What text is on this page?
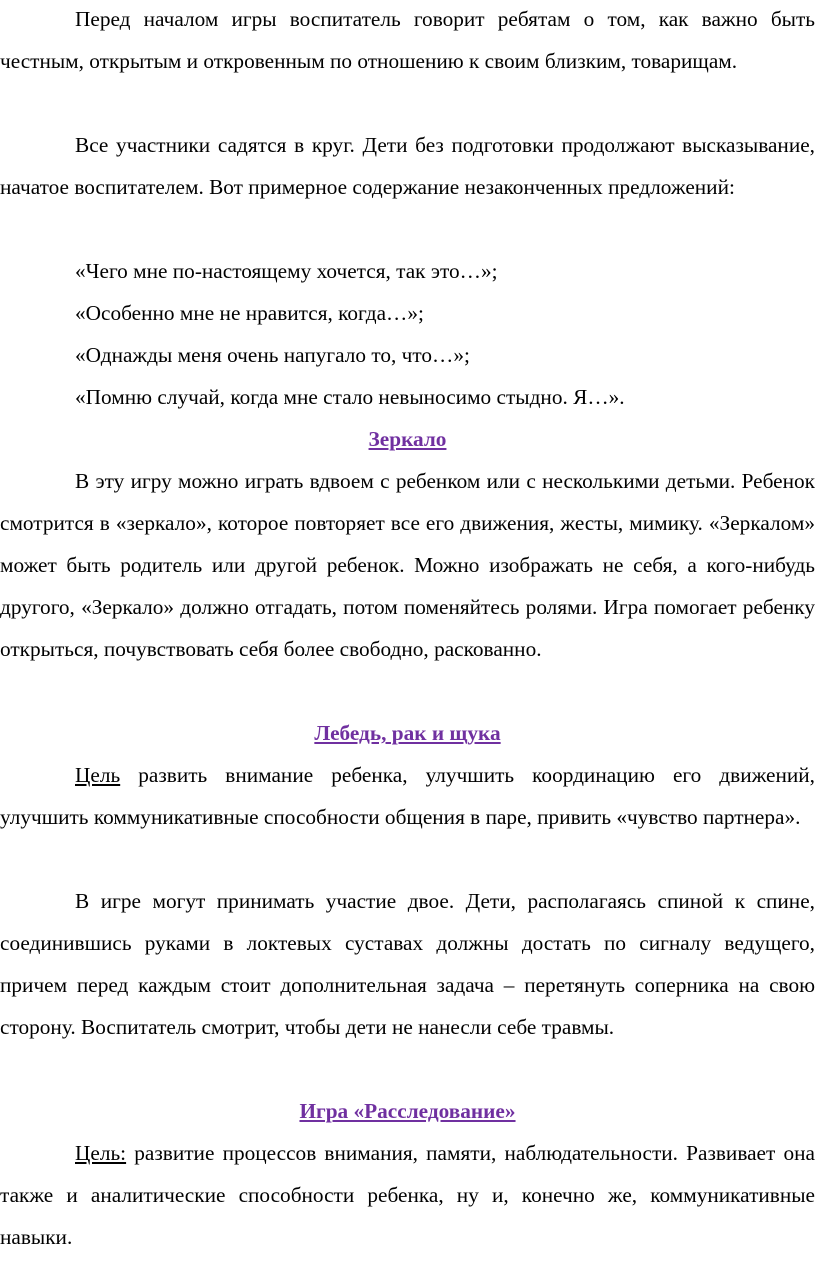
Перед началом игры воспитатель говорит ребятам о том, как важно быть честным, открытым и откровенным по отношению к своим близким, товарищам.

Все участники садятся в круг. Дети без подготовки продолжают высказывание, начатое воспитателем. Вот примерное содержание незаконченных предложений:

«Чего мне по-настоящему хочется, так это…»;

«Особенно мне не нравится, когда…»;

«Однажды меня очень напугало то, что…»;

«Помню случай, когда мне стало невыносимо стыдно. Я…».

Зеркало

В эту игру можно играть вдвоем с ребенком или с несколькими детьми. Ребенок смотрится в «зеркало», которое повторяет все его движения, жесты, мимику. «Зеркалом» может быть родитель или другой ребенок. Можно изображать не себя, а кого-нибудь другого, «Зеркало» должно отгадать, потом поменяйтесь ролями. Игра помогает ребенку открыться, почувствовать себя более свободно, раскованно.

Лебедь, рак и щука

Цель развить внимание ребенка, улучшить координацию его движений, улучшить коммуникативные способности общения в паре, привить «чувство партнера».

В игре могут принимать участие двое. Дети, располагаясь спиной к спине, соединившись руками в локтевых суставах должны достать по сигналу ведущего, причем перед каждым стоит дополнительная задача – перетянуть соперника на свою сторону. Воспитатель смотрит, чтобы дети не нанесли себе травмы.

Игра «Расследование»

Цель: развитие процессов внимания, памяти, наблюдательности. Развивает она также и аналитические способности ребенка, ну и, конечно же, коммуникативные навыки.
